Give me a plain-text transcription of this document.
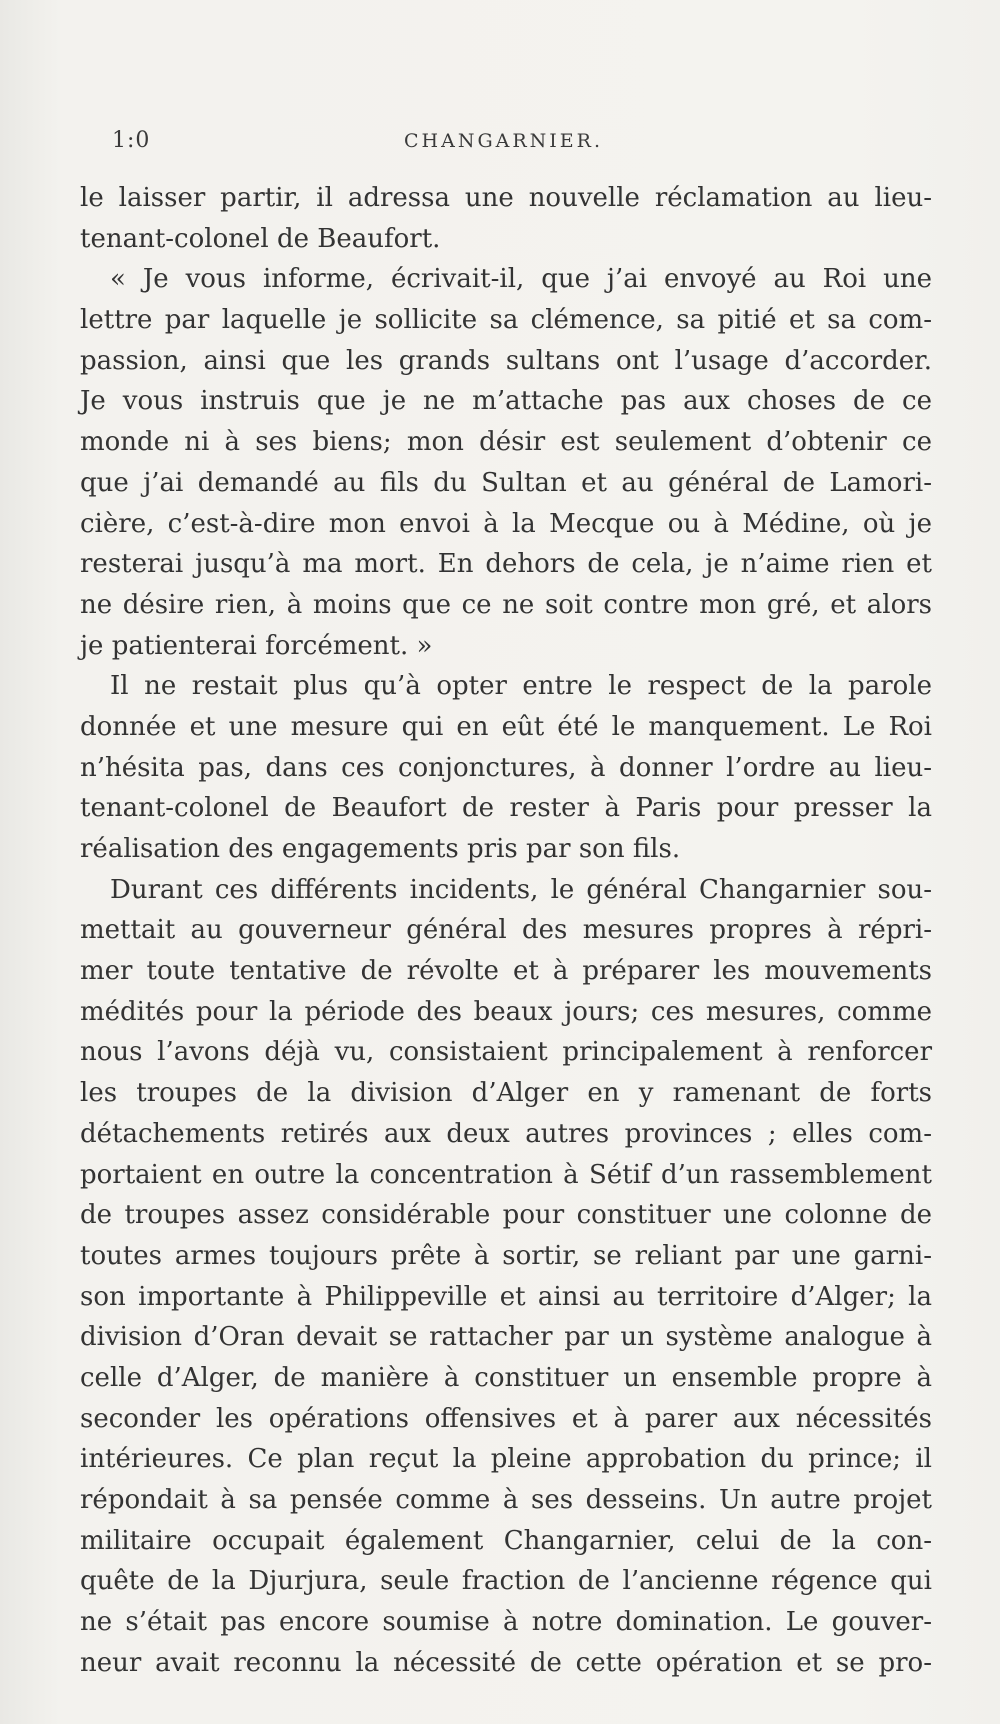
1:0	CHANGARNIER.
le laisser partir, il adressa une nouvelle réclamation au lieu-
tenant-colonel de Beaufort.
« Je vous informe, écrivait-il, que j’ai envoyé au Roi une
lettre par laquelle je sollicite sa clémence, sa pitié et sa com-
passion, ainsi que les grands sultans ont l’usage d’accorder.
Je vous instruis que je ne m’attache pas aux choses de ce
monde ni à ses biens; mon désir est seulement d’obtenir ce
que j’ai demandé au fils du Sultan et au général de Lamori-
cière, c’est-à-dire mon envoi à la Mecque ou à Médine, où je
resterai jusqu’à ma mort. En dehors de cela, je n’aime rien et
ne désire rien, à moins que ce ne soit contre mon gré, et alors
je patienterai forcément. »
Il ne restait plus qu’à opter entre le respect de la parole
donnée et une mesure qui en eût été le manquement. Le Roi
n’hésita pas, dans ces conjonctures, à donner l’ordre au lieu-
tenant-colonel de Beaufort de rester à Paris pour presser la
réalisation des engagements pris par son fils.
Durant ces différents incidents, le général Changarnier sou-
mettait au gouverneur général des mesures propres à répri-
mer toute tentative de révolte et à préparer les mouvements
médités pour la période des beaux jours; ces mesures, comme
nous l’avons déjà vu, consistaient principalement à renforcer
les troupes de la division d’Alger en y ramenant de forts
détachements retirés aux deux autres provinces ; elles com-
portaient en outre la concentration à Sétif d’un rassemblement
de troupes assez considérable pour constituer une colonne de
toutes armes toujours prête à sortir, se reliant par une garni-
son importante à Philippeville et ainsi au territoire d’Alger; la
division d’Oran devait se rattacher par un système analogue à
celle d’Alger, de manière à constituer un ensemble propre à
seconder les opérations offensives et à parer aux nécessités
intérieures. Ce plan reçut la pleine approbation du prince; il
répondait à sa pensée comme à ses desseins. Un autre projet
militaire occupait également Changarnier, celui de la con-
quête de la Djurjura, seule fraction de l’ancienne régence qui
ne s’était pas encore soumise à notre domination. Le gouver-
neur avait reconnu la nécessité de cette opération et se pro-
